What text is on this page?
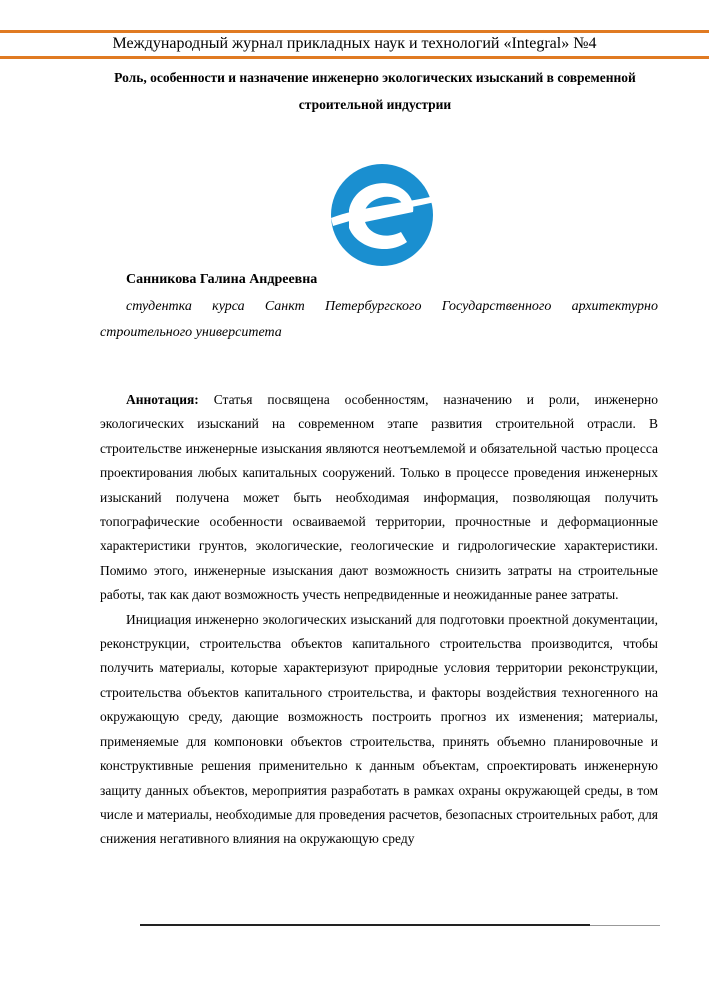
Международный журнал прикладных наук и технологий «Integral» №4
Роль, особенности и назначение инженерно экологических изысканий в современной строительной индустрии
Санникова Галина Андреевна
студентка курса Санкт Петербургского Государственного архитектурно
строительного университета

Аннотация: Статья посвящена особенностям, назначению и роли, инженерно экологических изысканий на современном этапе развития строительной отрасли. В строительстве инженерные изыскания являются неотъемлемой и обязательной частью процесса проектирования любых капитальных сооружений. Только в процессе проведения инженерных изысканий получена может быть необходимая информация, позволяющая получить топографические особенности осваиваемой территории, прочностные и деформационные характеристики грунтов, экологические, геологические и гидрологические характеристики. Помимо этого, инженерные изыскания дают возможность снизить затраты на строительные работы, так как дают возможность учесть непредвиденные и неожиданные ранее затраты.

Инициация инженерно экологических изысканий для подготовки проектной документации, реконструкции, строительства объектов капитального строительства производится, чтобы получить материалы, которые характеризуют природные условия территории реконструкции, строительства объектов капитального строительства, и факторы воздействия техногенного на окружающую среду, дающие возможность построить прогноз их изменения; материалы, применяемые для компоновки объектов строительства, принять объемно планировочные и конструктивные решения применительно к данным объектам, спроектировать инженерную защиту данных объектов, мероприятия разработать в рамках охраны окружающей среды, в том числе и материалы, необходимые для проведения расчетов, безопасных строительных работ, для снижения негативного влияния на окружающую среду
